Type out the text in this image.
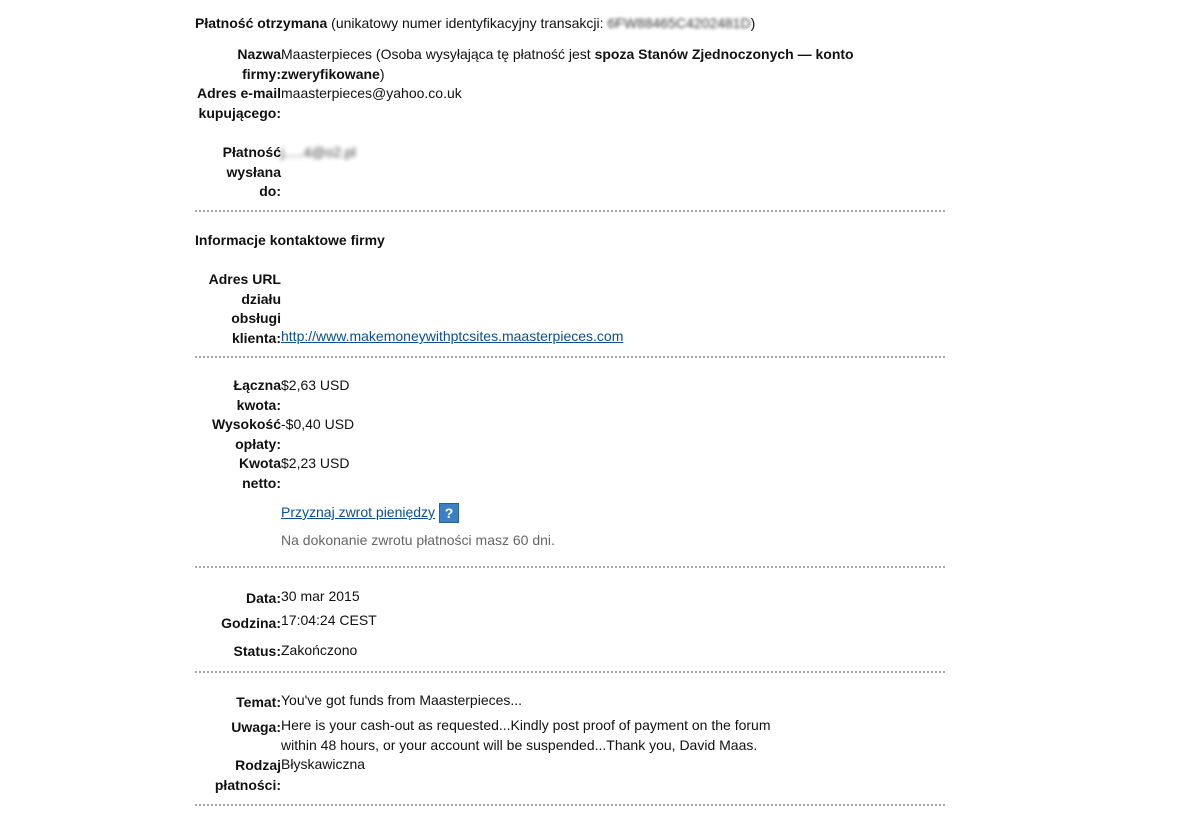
Płatność otrzymana (unikatowy numer identyfikacyjny transakcji: 6FW88465C4202481D)
Nazwa firmy:
Maasterpieces (Osoba wysyłająca tę płatność jest spoza Stanów Zjednoczonych — konto zweryfikowane)
Adres e-mail kupującego:
maasterpieces@yahoo.co.uk
Płatność wysłana do:
j.....4@o2.pl
Informacje kontaktowe firmy
Adres URL działu obsługi klienta: http://www.makemoneywithptcsites.maasterpieces.com
Łączna kwota:
$2,63 USD
Wysokość opłaty:
-$0,40 USD
Kwota netto:
$2,23 USD
Przyznaj zwrot pieniędzy ?
Na dokonanie zwrotu płatności masz 60 dni.
Data: 30 mar 2015
Godzina: 17:04:24 CEST
Status: Zakończono
Temat: You've got funds from Maasterpieces...
Uwaga: Here is your cash-out as requested...Kindly post proof of payment on the forum
within 48 hours, or your account will be suspended...Thank you, David Maas.
Rodzaj płatności:
Błyskawiczna
